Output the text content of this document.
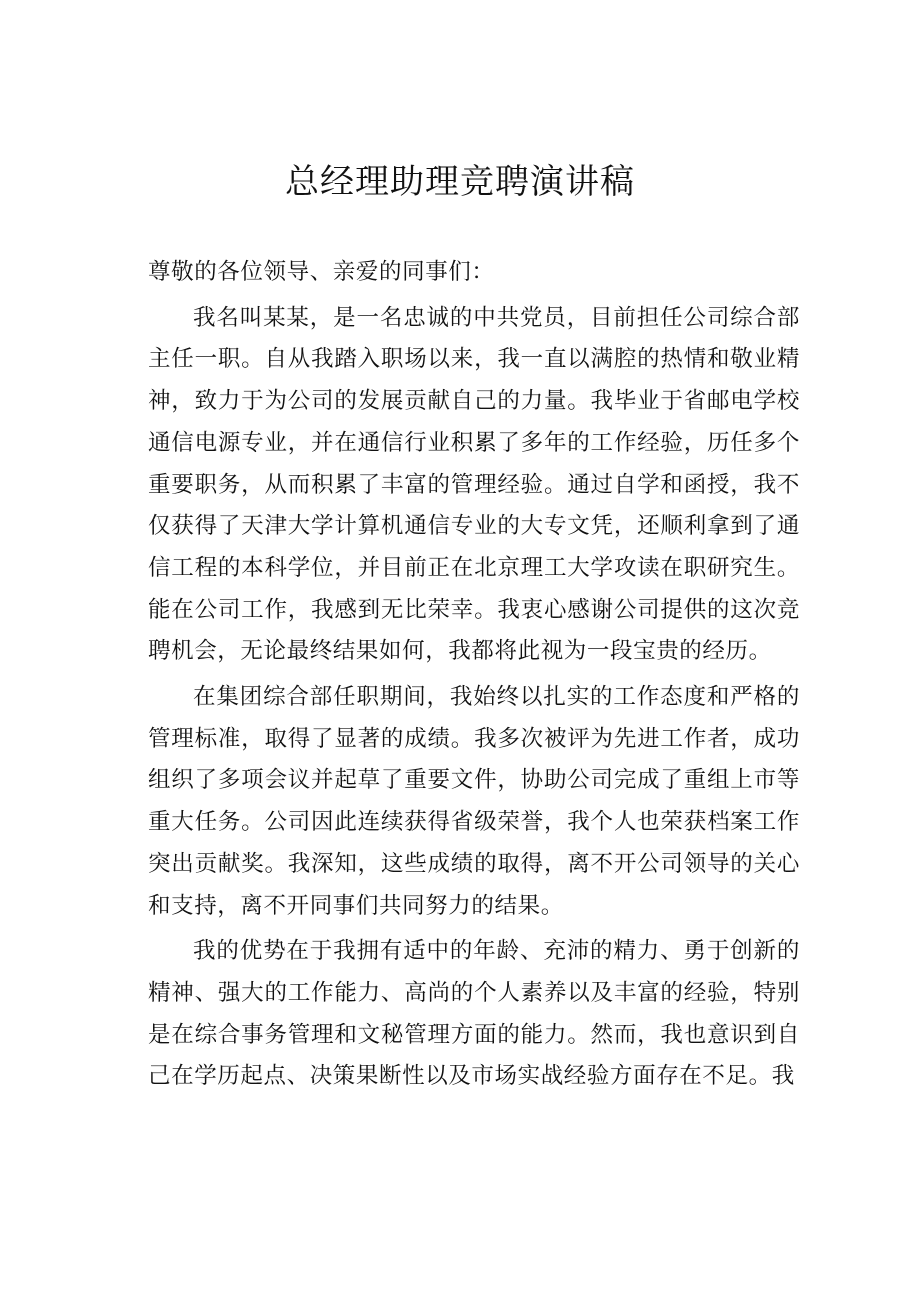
总经理助理竞聘演讲稿

尊敬的各位领导、亲爱的同事们：

我名叫某某，是一名忠诚的中共党员，目前担任公司综合部主任一职。自从我踏入职场以来，我一直以满腔的热情和敬业精神，致力于为公司的发展贡献自己的力量。我毕业于省邮电学校通信电源专业，并在通信行业积累了多年的工作经验，历任多个重要职务，从而积累了丰富的管理经验。通过自学和函授，我不仅获得了天津大学计算机通信专业的大专文凭，还顺利拿到了通信工程的本科学位，并目前正在北京理工大学攻读在职研究生。能在公司工作，我感到无比荣幸。我衷心感谢公司提供的这次竞聘机会，无论最终结果如何，我都将此视为一段宝贵的经历。

在集团综合部任职期间，我始终以扎实的工作态度和严格的管理标准，取得了显著的成绩。我多次被评为先进工作者，成功组织了多项会议并起草了重要文件，协助公司完成了重组上市等重大任务。公司因此连续获得省级荣誉，我个人也荣获档案工作突出贡献奖。我深知，这些成绩的取得，离不开公司领导的关心和支持，离不开同事们共同努力的结果。

我的优势在于我拥有适中的年龄、充沛的精力、勇于创新的精神、强大的工作能力、高尚的个人素养以及丰富的经验，特别是在综合事务管理和文秘管理方面的能力。然而，我也意识到自己在学历起点、决策果断性以及市场实战经验方面存在不足。我
